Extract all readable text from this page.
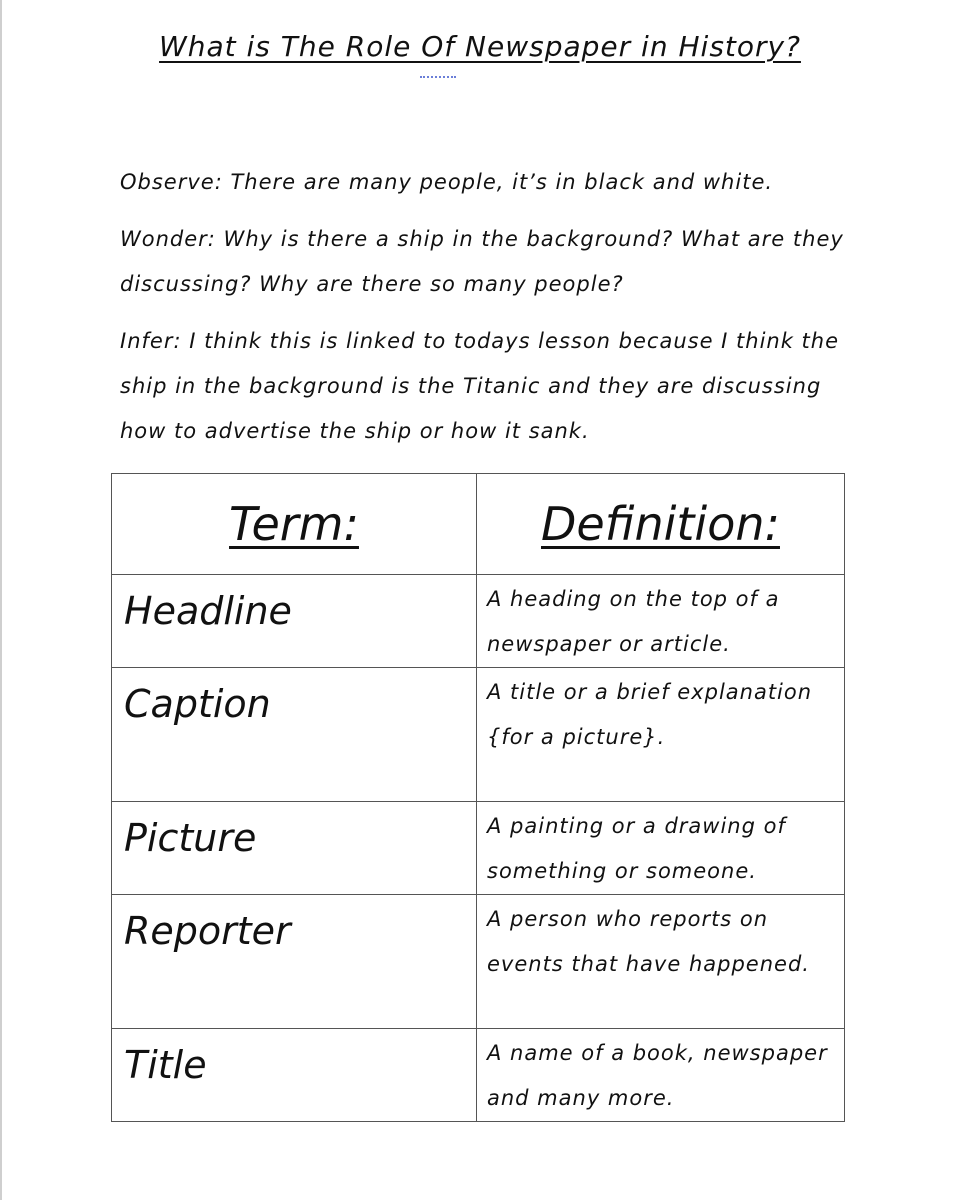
What is The Role Of Newspaper in History?

Observe: There are many people, it’s in black and white.

Wonder: Why is there a ship in the background? What are they discussing? Why are there so many people?

Infer: I think this is linked to todays lesson because I think the ship in the background is the Titanic and they are discussing how to advertise the ship or how it sank.

Term:	Definition:
Headline	A heading on the top of a newspaper or article.
Caption	A title or a brief explanation {for a picture}.
Picture	A painting or a drawing of something or someone.
Reporter	A person who reports on events that have happened.
Title	A name of a book, newspaper and many more.
